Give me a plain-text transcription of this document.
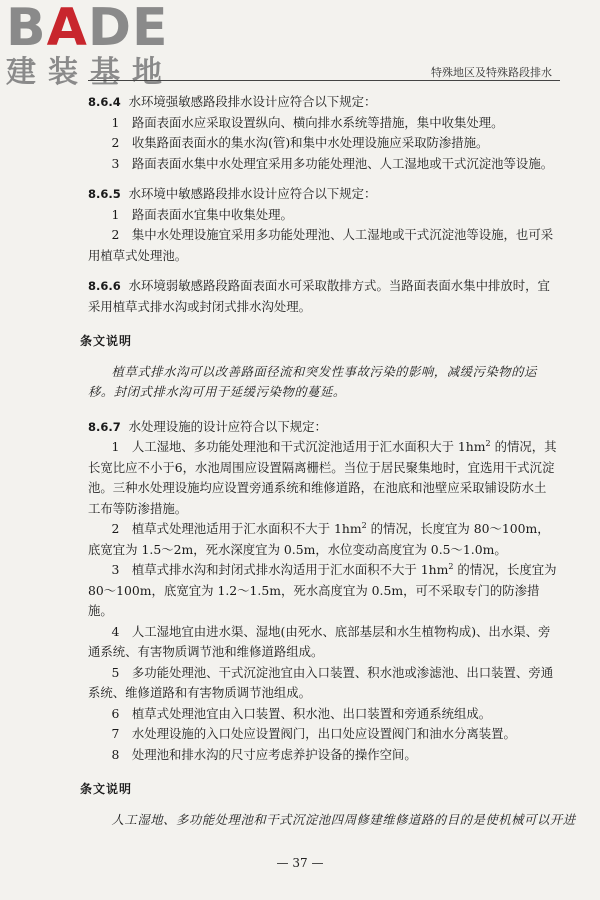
BADE
建装基地	特殊地区及特殊路段排水

8.6.4 水环境强敏感路段排水设计应符合以下规定：

1　路面表面水应采取设置纵向、横向排水系统等措施，集中收集处理。

2　收集路面表面水的集水沟(管)和集中水处理设施应采取防渗措施。

3　路面表面水集中水处理宜采用多功能处理池、人工湿地或干式沉淀池等设施。

8.6.5 水环境中敏感路段排水设计应符合以下规定：

1　路面表面水宜集中收集处理。

2　集中水处理设施宜采用多功能处理池、人工湿地或干式沉淀池等设施，也可采用植草式处理池。

8.6.6 水环境弱敏感路段路面表面水可采取散排方式。当路面表面水集中排放时，宜采用植草式排水沟或封闭式排水沟处理。

条文说明

植草式排水沟可以改善路面径流和突发性事故污染的影响，减缓污染物的运移。封闭式排水沟可用于延缓污染物的蔓延。

8.6.7 水处理设施的设计应符合以下规定：

1　人工湿地、多功能处理池和干式沉淀池适用于汇水面积大于 $1hm^2$ 的情况，其长宽比应不小于6，水池周围应设置隔离栅栏。当位于居民聚集地时，宜选用干式沉淀池。三种水处理设施均应设置旁通系统和维修道路，在池底和池壁应采取铺设防水土工布等防渗措施。

2　植草式处理池适用于汇水面积不大于 $1hm^2$ 的情况，长度宜为 80～100m，底宽宜为 1.5～2m，死水深度宜为 0.5m，水位变动高度宜为 0.5～1.0m。

3　植草式排水沟和封闭式排水沟适用于汇水面积不大于 $1hm^2$ 的情况，长度宜为 80～100m，底宽宜为 1.2～1.5m，死水高度宜为 0.5m，可不采取专门的防渗措施。

4　人工湿地宜由进水渠、湿地(由死水、底部基层和水生植物构成)、出水渠、旁通系统、有害物质调节池和维修道路组成。

5　多功能处理池、干式沉淀池宜由入口装置、积水池或渗滤池、出口装置、旁通系统、维修道路和有害物质调节池组成。

6　植草式处理池宜由入口装置、积水池、出口装置和旁通系统组成。

7　水处理设施的入口处应设置阀门，出口处应设置阀门和油水分离装置。

8　处理池和排水沟的尺寸应考虑养护设备的操作空间。

条文说明

人工湿地、多功能处理池和干式沉淀池四周修建维修道路的目的是使机械可以开进

— 37 —
